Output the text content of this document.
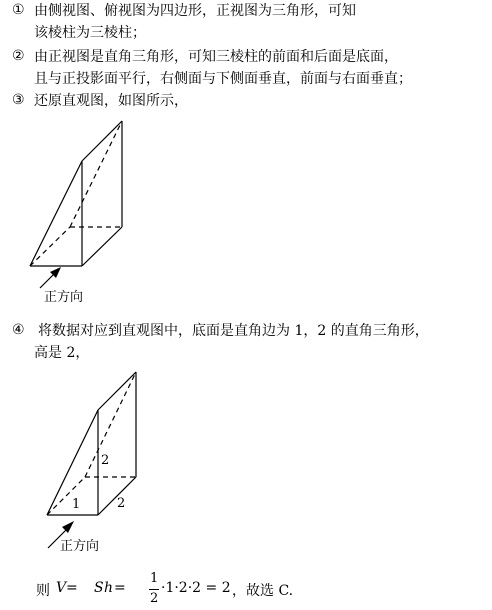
① 由侧视图、俯视图为四边形，正视图为三角形，可知
该棱柱为三棱柱；
② 由正视图是直角三角形，可知三棱柱的前面和后面是底面，
且与正投影面平行，右侧面与下侧面垂直，前面与右面垂直；
③ 还原直观图，如图所示，
④ 将数据对应到直观图中，底面是直角边为 1，2 的直角三角形，
高是 2，
正方向
2
1	2
正方向
则 V = S h =
1
2
·1·2·2 = 2 ，故选 C.
